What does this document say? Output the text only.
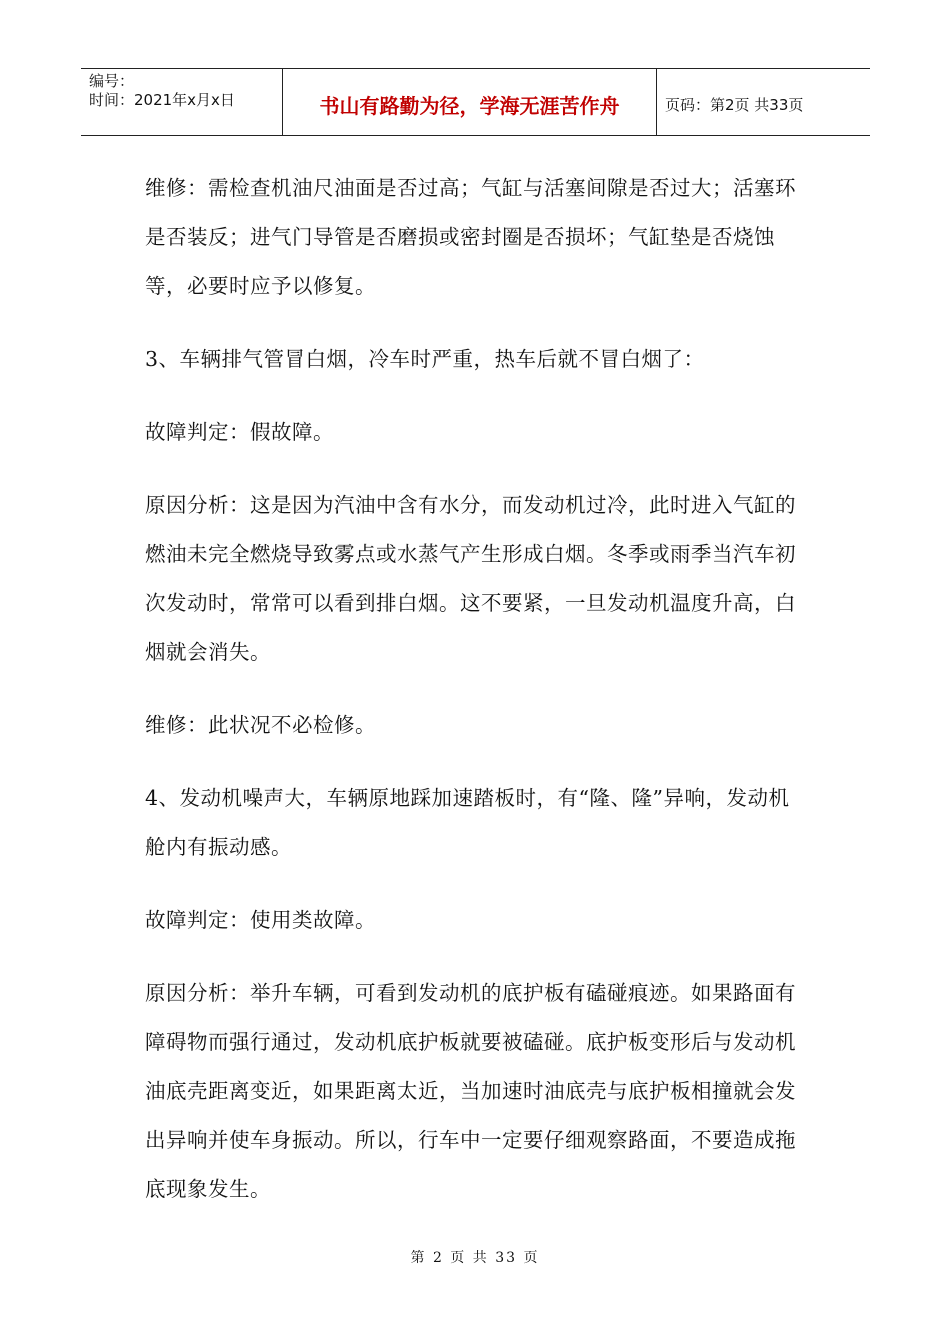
编号：
时间：2021年x月x日	书山有路勤为径，学海无涯苦作舟	页码：第2页 共33页

维修：需检查机油尺油面是否过高；气缸与活塞间隙是否过大；活塞环是否装反；进气门导管是否磨损或密封圈是否损坏；气缸垫是否烧蚀等，必要时应予以修复。

3、车辆排气管冒白烟，冷车时严重，热车后就不冒白烟了：

故障判定：假故障。

原因分析：这是因为汽油中含有水分，而发动机过冷，此时进入气缸的燃油未完全燃烧导致雾点或水蒸气产生形成白烟。冬季或雨季当汽车初次发动时，常常可以看到排白烟。这不要紧，一旦发动机温度升高，白烟就会消失。

维修：此状况不必检修。

4、发动机噪声大，车辆原地踩加速踏板时，有“隆、隆”异响，发动机舱内有振动感。

故障判定：使用类故障。

原因分析：举升车辆，可看到发动机的底护板有磕碰痕迹。如果路面有障碍物而强行通过，发动机底护板就要被磕碰。底护板变形后与发动机油底壳距离变近，如果距离太近，当加速时油底壳与底护板相撞就会发出异响并使车身振动。所以，行车中一定要仔细观察路面，不要造成拖底现象发生。

第 2 页 共 33 页
